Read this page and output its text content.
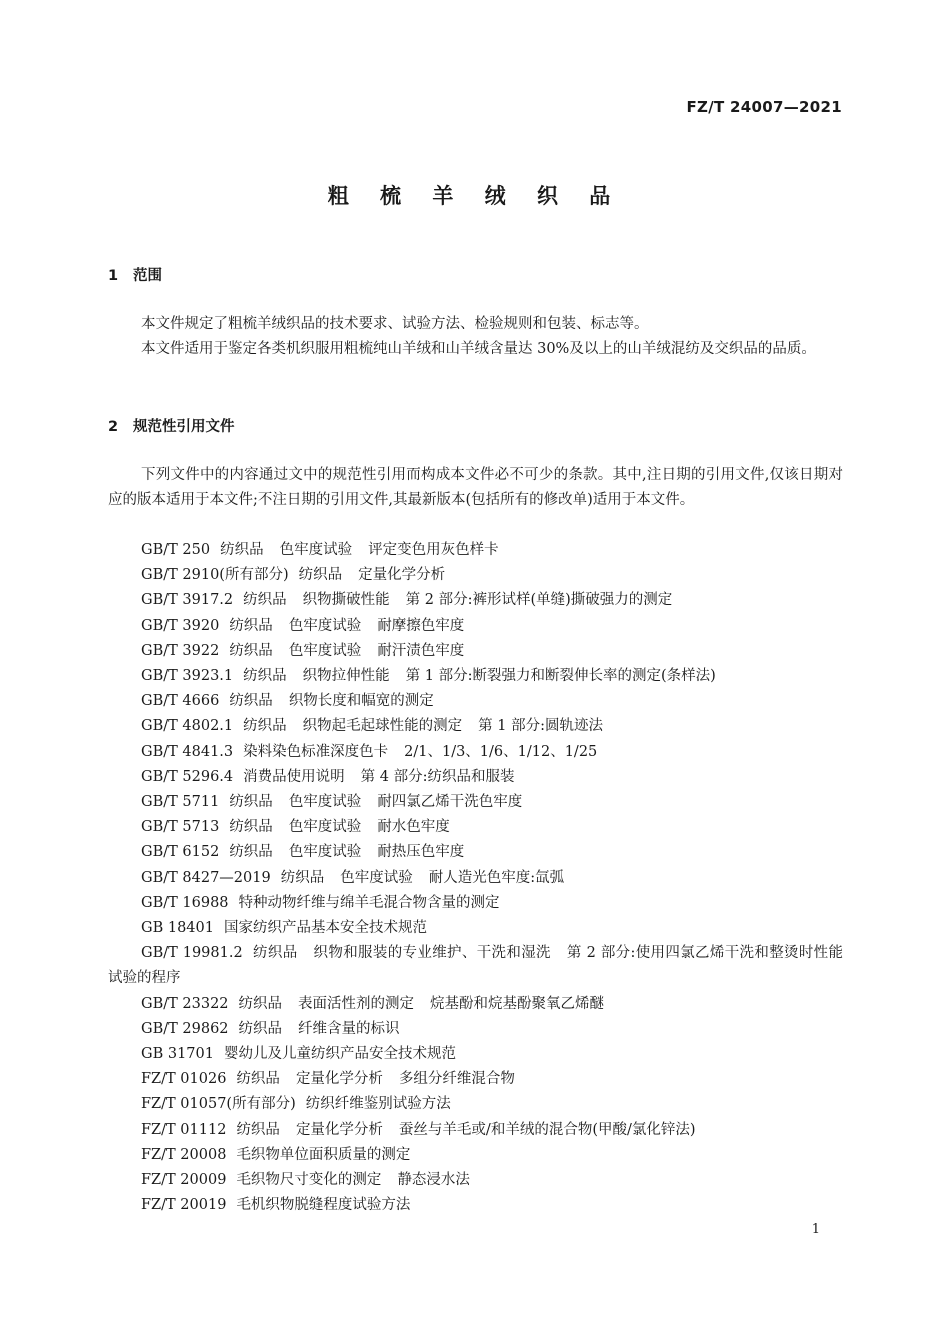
FZ/T 24007—2021
粗 梳 羊 绒 织 品
1 范围
本文件规定了粗梳羊绒织品的技术要求、试验方法、检验规则和包装、标志等。
本文件适用于鉴定各类机织服用粗梳纯山羊绒和山羊绒含量达 30%及以上的山羊绒混纺及交织品的品质。
2 规范性引用文件
下列文件中的内容通过文中的规范性引用而构成本文件必不可少的条款。其中,注日期的引用文件,仅该日期对应的版本适用于本文件;不注日期的引用文件,其最新版本(包括所有的修改单)适用于本文件。
GB/T 250 纺织品 色牢度试验 评定变色用灰色样卡
GB/T 2910(所有部分) 纺织品 定量化学分析
GB/T 3917.2 纺织品 织物撕破性能 第 2 部分:裤形试样(单缝)撕破强力的测定
GB/T 3920 纺织品 色牢度试验 耐摩擦色牢度
GB/T 3922 纺织品 色牢度试验 耐汗渍色牢度
GB/T 3923.1 纺织品 织物拉伸性能 第 1 部分:断裂强力和断裂伸长率的测定(条样法)
GB/T 4666 纺织品 织物长度和幅宽的测定
GB/T 4802.1 纺织品 织物起毛起球性能的测定 第 1 部分:圆轨迹法
GB/T 4841.3 染料染色标准深度色卡 2/1、1/3、1/6、1/12、1/25
GB/T 5296.4 消费品使用说明 第 4 部分:纺织品和服装
GB/T 5711 纺织品 色牢度试验 耐四氯乙烯干洗色牢度
GB/T 5713 纺织品 色牢度试验 耐水色牢度
GB/T 6152 纺织品 色牢度试验 耐热压色牢度
GB/T 8427—2019 纺织品 色牢度试验 耐人造光色牢度:氙弧
GB/T 16988 特种动物纤维与绵羊毛混合物含量的测定
GB 18401 国家纺织产品基本安全技术规范
GB/T 19981.2 纺织品 织物和服装的专业维护、干洗和湿洗 第 2 部分:使用四氯乙烯干洗和整烫时性能试验的程序
GB/T 23322 纺织品 表面活性剂的测定 烷基酚和烷基酚聚氧乙烯醚
GB/T 29862 纺织品 纤维含量的标识
GB 31701 婴幼儿及儿童纺织产品安全技术规范
FZ/T 01026 纺织品 定量化学分析 多组分纤维混合物
FZ/T 01057(所有部分) 纺织纤维鉴别试验方法
FZ/T 01112 纺织品 定量化学分析 蚕丝与羊毛或/和羊绒的混合物(甲酸/氯化锌法)
FZ/T 20008 毛织物单位面积质量的测定
FZ/T 20009 毛织物尺寸变化的测定 静态浸水法
FZ/T 20019 毛机织物脱缝程度试验方法
1
